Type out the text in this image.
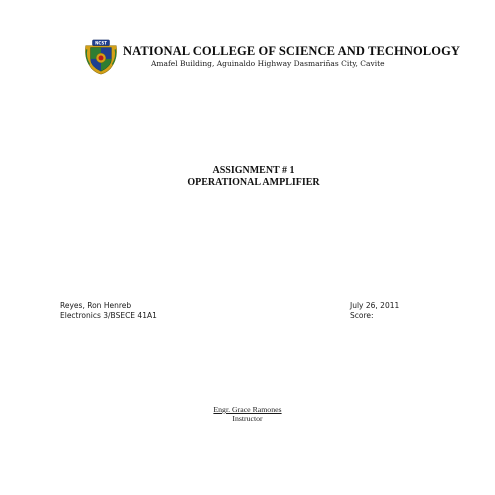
NCST
NATIONAL COLLEGE OF SCIENCE AND TECHNOLOGY
Amafel Building, Aguinaldo Highway Dasmariñas City, Cavite
ASSIGNMENT # 1
OPERATIONAL AMPLIFIER
Reyes, Ron Henreb
Electronics 3/BSECE 41A1
July 26, 2011
Score:
Engr. Grace Ramones
Instructor
